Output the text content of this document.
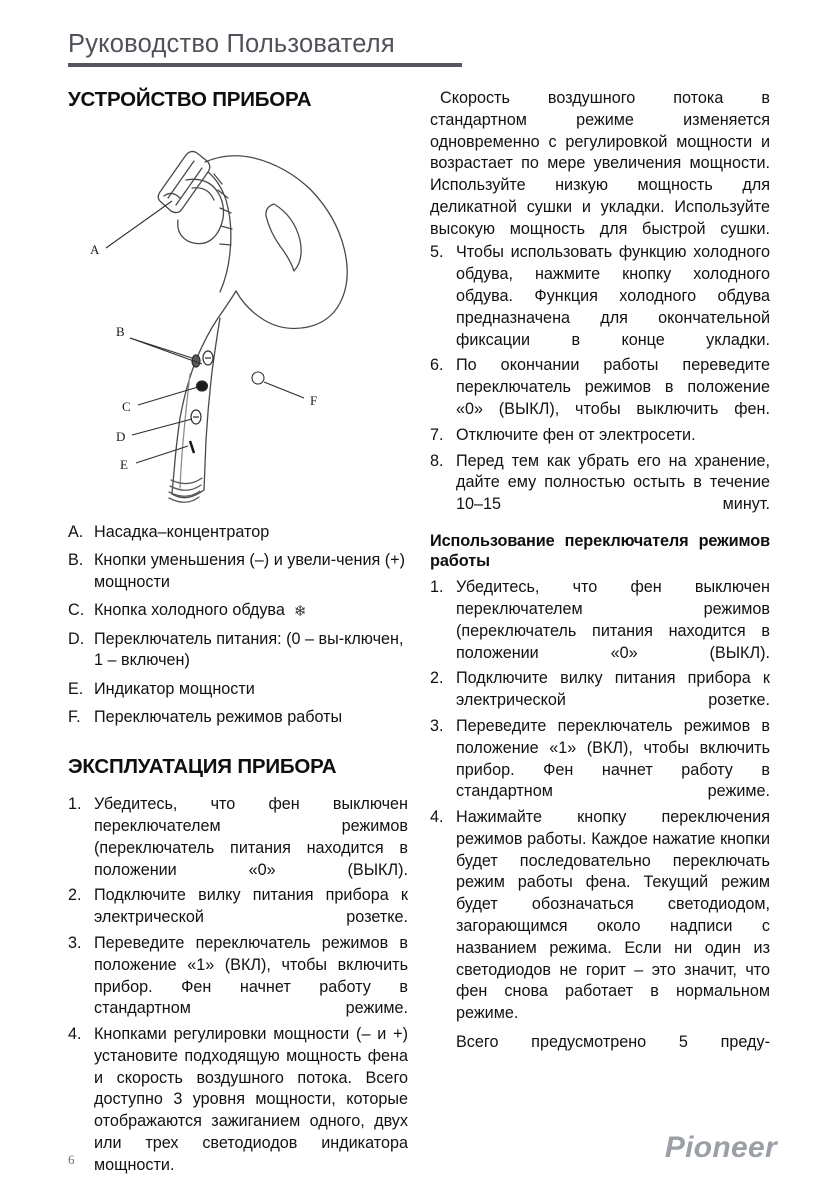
Руководство Пользователя
УСТРОЙСТВО ПРИБОРА
A
B
C
D
E
F
A. Насадка–концентратор
B. Кнопки уменьшения (–) и увели-чения (+) мощности
C. Кнопка холодного обдува ❄
D. Переключатель питания: (0 – вы-ключен, 1 – включен)
E. Индикатор мощности
F. Переключатель режимов работы
ЭКСПЛУАТАЦИЯ ПРИБОРА
1. Убедитесь, что фен выключен переключателем режимов (переключатель питания находится в положении «0» (ВЫКЛ).
2. Подключите вилку питания прибора к электрической розетке.
3. Переведите переключатель режимов в положение «1» (ВКЛ), чтобы включить прибор. Фен начнет работу в стандартном режиме.
4. Кнопками регулировки мощности (– и +) установите подходящую мощность фена и скорость воздушного потока. Всего доступно 3 уровня мощности, которые отображаются зажиганием одного, двух или трех светодиодов индикатора мощности.

Скорость воздушного потока в стандартном режиме изменяется одновременно с регулировкой мощности и возрастает по мере увеличения мощности. Используйте низкую мощность для деликатной сушки и укладки. Используйте высокую мощность для быстрой сушки.

5. Чтобы использовать функцию холодного обдува, нажмите кнопку холодного обдува. Функция холодного обдува предназначена для окончательной фиксации в конце укладки.
6. По окончании работы переведите переключатель режимов в положение «0» (ВЫКЛ), чтобы выключить фен.
7. Отключите фен от электросети.
8. Перед тем как убрать его на хранение, дайте ему полностью остыть в течение 10–15 минут.
Использование переключателя режимов работы
1. Убедитесь, что фен выключен переключателем режимов (переключатель питания находится в положении «0» (ВЫКЛ).
2. Подключите вилку питания прибора к электрической розетке.
3. Переведите переключатель режимов в положение «1» (ВКЛ), чтобы включить прибор. Фен начнет работу в стандартном режиме.
4. Нажимайте кнопку переключения режимов работы. Каждое нажатие кнопки будет последовательно переключать режим работы фена. Текущий режим будет обозначаться светодиодом, загорающимся около надписи с названием режима. Если ни один из светодиодов не горит – это значит, что фен снова работает в нормальном режиме.

Всего предусмотрено 5 преду-

6	Pioneer
